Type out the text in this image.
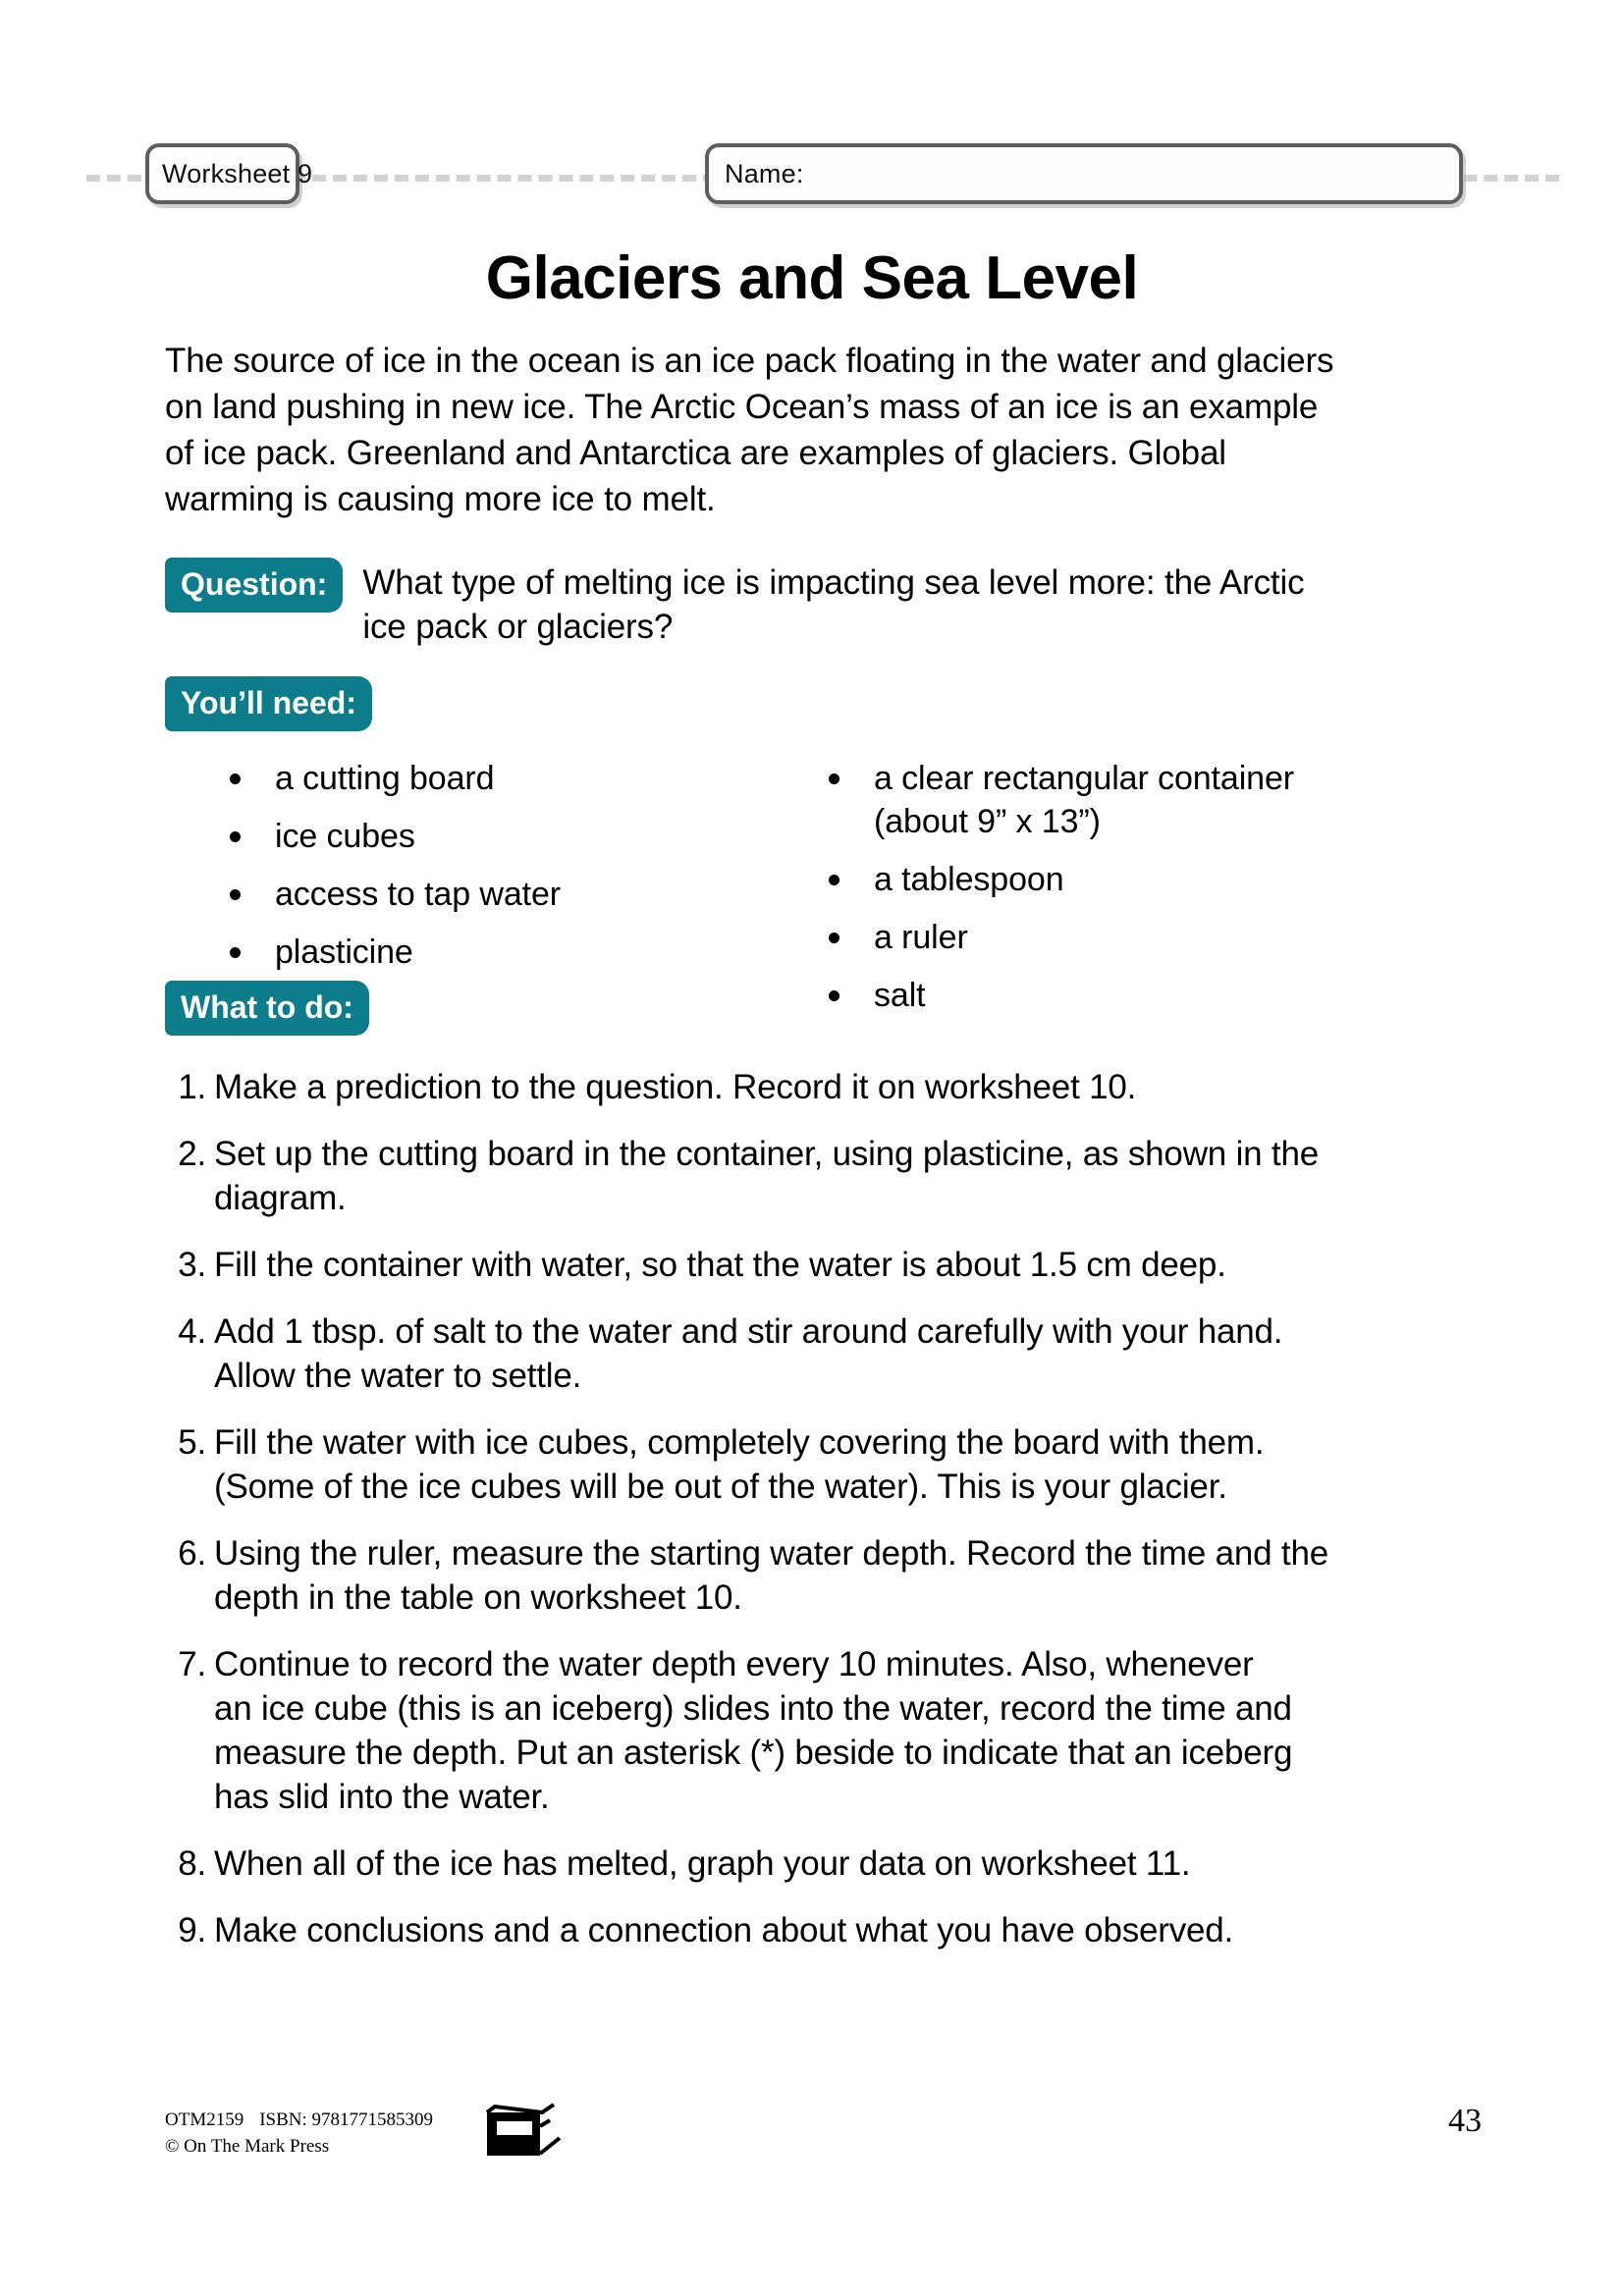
Worksheet 9	Name:
Glaciers and Sea Level
The source of ice in the ocean is an ice pack floating in the water and glaciers
on land pushing in new ice. The Arctic Ocean’s mass of an ice is an example
of ice pack. Greenland and Antarctica are examples of glaciers. Global
warming is causing more ice to melt.
Question:	What type of melting ice is impacting sea level more: the Arctic
ice pack or glaciers?
You’ll need:
a cutting board
ice cubes
access to tap water
plasticine
a clear rectangular container
(about 9” x 13”)
a tablespoon
a ruler
salt
What to do:
1. Make a prediction to the question. Record it on worksheet 10.
2. Set up the cutting board in the container, using plasticine, as shown in the
diagram.
3. Fill the container with water, so that the water is about 1.5 cm deep.
4. Add 1 tbsp. of salt to the water and stir around carefully with your hand.
Allow the water to settle.
5. Fill the water with ice cubes, completely covering the board with them.
(Some of the ice cubes will be out of the water). This is your glacier.
6. Using the ruler, measure the starting water depth. Record the time and the
depth in the table on worksheet 10.
7. Continue to record the water depth every 10 minutes. Also, whenever
an ice cube (this is an iceberg) slides into the water, record the time and
measure the depth. Put an asterisk (*) beside to indicate that an iceberg
has slid into the water.
8. When all of the ice has melted, graph your data on worksheet 11.
9. Make conclusions and a connection about what you have observed.
OTM2159 ISBN: 9781771585309
© On The Mark Press
43
